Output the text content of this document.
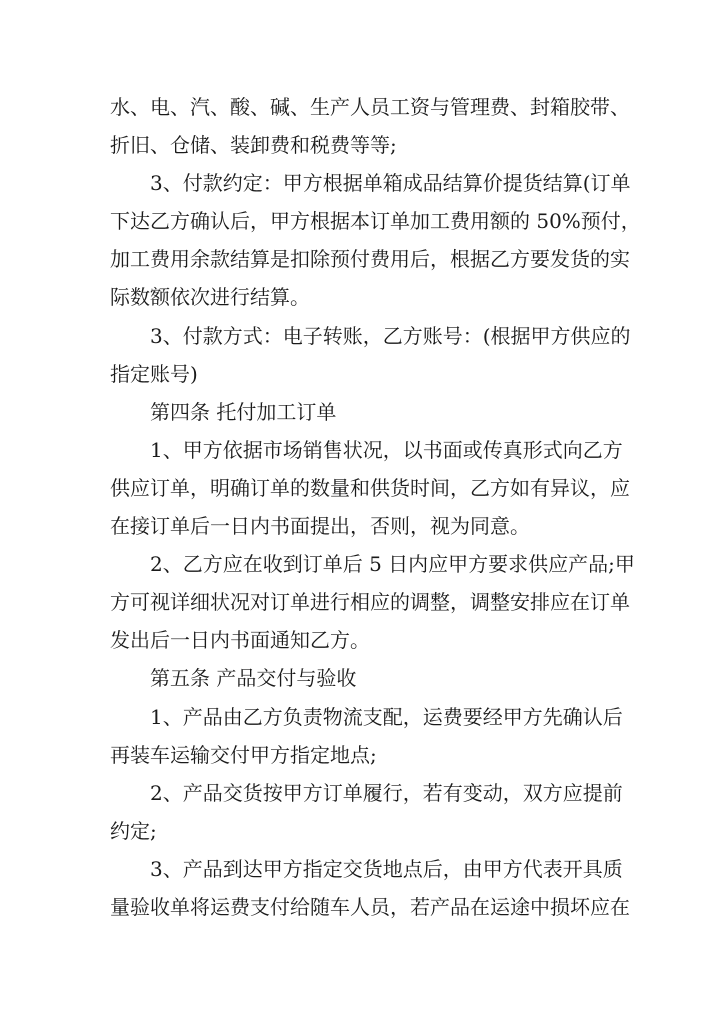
水、电、汽、酸、碱、生产人员工资与管理费、封箱胶带、
折旧、仓储、装卸费和税费等等;
3、付款约定：甲方根据单箱成品结算价提货结算(订单
下达乙方确认后，甲方根据本订单加工费用额的 50%预付，
加工费用余款结算是扣除预付费用后，根据乙方要发货的实
际数额依次进行结算。
3、付款方式：电子转账，乙方账号：(根据甲方供应的
指定账号)
第四条 托付加工订单
1、甲方依据市场销售状况，以书面或传真形式向乙方
供应订单，明确订单的数量和供货时间，乙方如有异议，应
在接订单后一日内书面提出，否则，视为同意。
2、乙方应在收到订单后 5 日内应甲方要求供应产品;甲
方可视详细状况对订单进行相应的调整，调整安排应在订单
发出后一日内书面通知乙方。
第五条 产品交付与验收
1、产品由乙方负责物流支配，运费要经甲方先确认后
再装车运输交付甲方指定地点;
2、产品交货按甲方订单履行，若有变动，双方应提前
约定;
3、产品到达甲方指定交货地点后，由甲方代表开具质
量验收单将运费支付给随车人员，若产品在运途中损坏应在
